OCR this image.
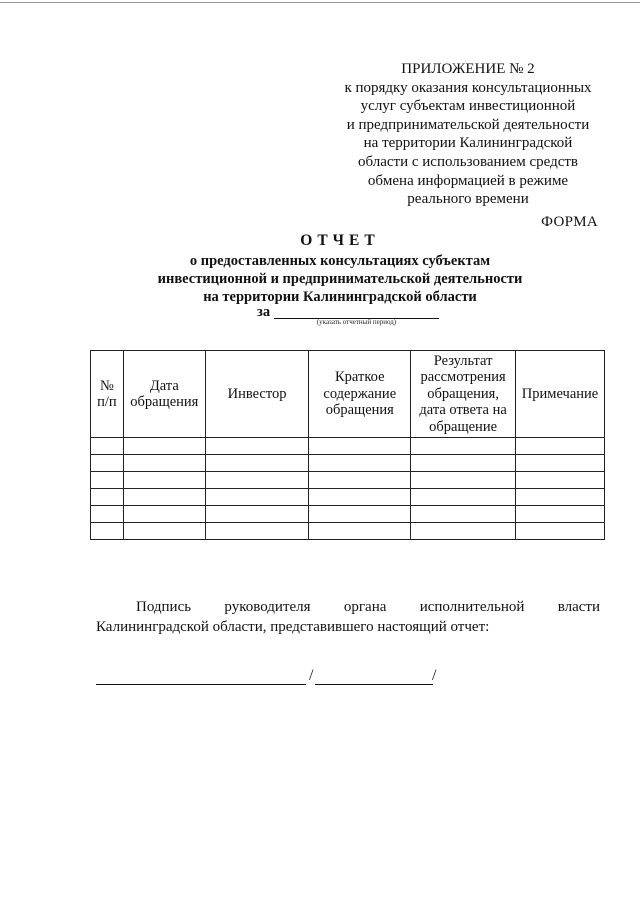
ПРИЛОЖЕНИЕ № 2
к порядку оказания консультационных
услуг субъектам инвестиционной
и предпринимательской деятельности
на территории Калининградской
области с использованием средств
обмена информацией в режиме
реального времени
ФОРМА
ОТЧЕТ
о предоставленных консультациях субъектам
инвестиционной и предпринимательской деятельности
на территории Калининградской области
за
(указать отчетный период)
№ п/п	Дата обращения	Инвестор	Краткое содержание обращения	Результат рассмотрения обращения, дата ответа на обращение	Примечание

Подпись руководителя органа исполнительной власти
Калининградской области, представившего настоящий отчет:
/	/
